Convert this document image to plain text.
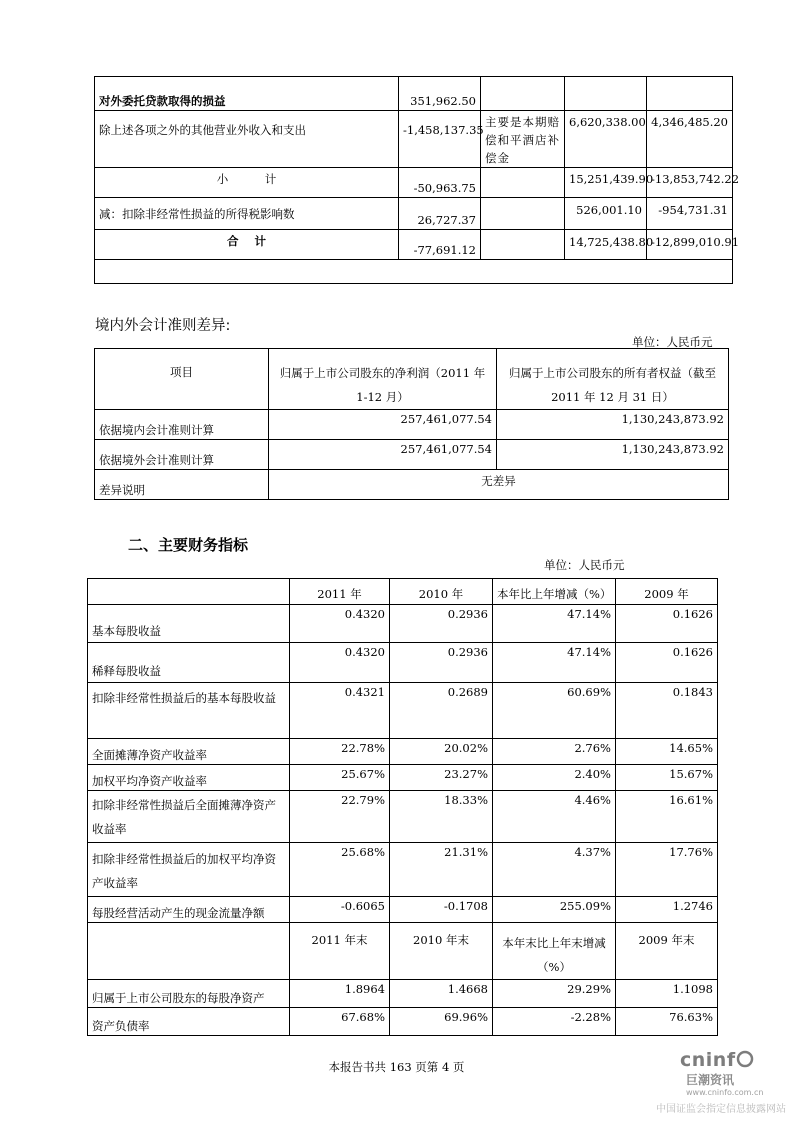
对外委托贷款取得的损益	351,962.50			
除上述各项之外的其他营业外收入和支出	-1,458,137.35	主要是本期赔偿和平酒店补偿金	6,620,338.00	4,346,485.20
小          计	-50,963.75		15,251,439.90	-13,853,742.22
减：扣除非经常性损益的所得税影响数	26,727.37		526,001.10	-954,731.31
合    计	-77,691.12		14,725,438.80	-12,899,010.91

境内外会计准则差异:
单位：人民币元
项目	归属于上市公司股东的净利润（2011 年 1-12 月）	归属于上市公司股东的所有者权益（截至 2011 年 12 月 31 日）
依据境内会计准则计算	257,461,077.54	1,130,243,873.92
依据境外会计准则计算	257,461,077.54	1,130,243,873.92
差异说明	无差异	
二、主要财务指标
单位：人民币元
	2011 年	2010 年	本年比上年增减（%）	2009 年
基本每股收益	0.4320	0.2936	47.14%	0.1626
稀释每股收益	0.4320	0.2936	47.14%	0.1626
扣除非经常性损益后的基本每股收益	0.4321	0.2689	60.69%	0.1843
全面摊薄净资产收益率	22.78%	20.02%	2.76%	14.65%
加权平均净资产收益率	25.67%	23.27%	2.40%	15.67%
扣除非经常性损益后全面摊薄净资产收益率	22.79%	18.33%	4.46%	16.61%
扣除非经常性损益后的加权平均净资产收益率	25.68%	21.31%	4.37%	17.76%
每股经营活动产生的现金流量净额	-0.6065	-0.1708	255.09%	1.2746
	2011 年末	2010 年末	本年末比上年末增减（%）	2009 年末
归属于上市公司股东的每股净资产	1.8964	1.4668	29.29%	1.1098
资产负债率	67.68%	69.96%	-2.28%	76.63%
本报告书共 163 页第 4 页	cninf
巨潮资讯
www.cninfo.com.cn
中国证监会指定信息披露网站
